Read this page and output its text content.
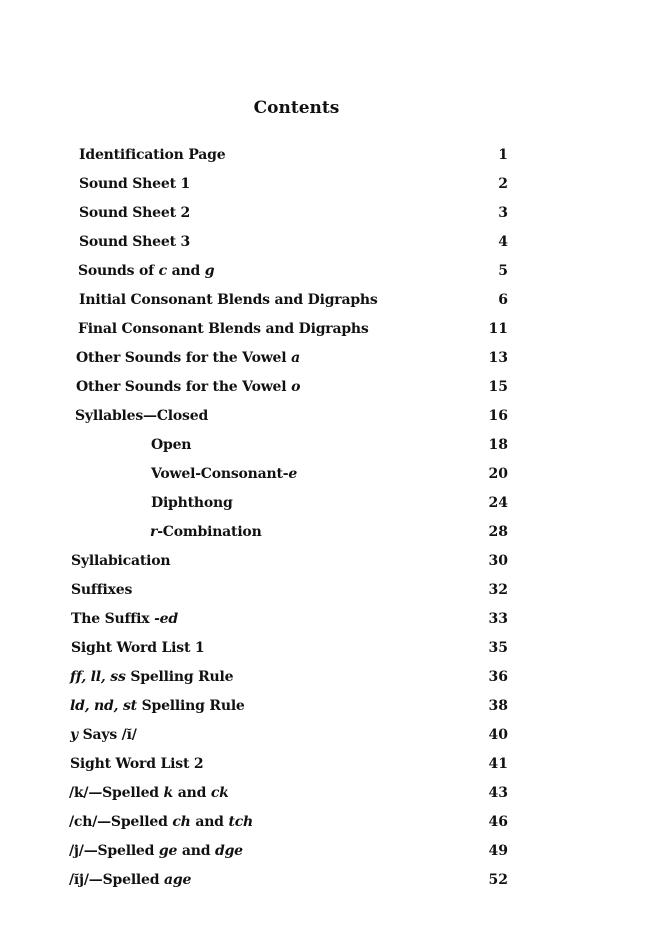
Contents
Identification Page	1
Sound Sheet 1	2
Sound Sheet 2	3
Sound Sheet 3	4
Sounds of c and g	5
Initial Consonant Blends and Digraphs	6
Final Consonant Blends and Digraphs	11
Other Sounds for the Vowel a	13
Other Sounds for the Vowel o	15
Syllables—Closed	16
Open	18
Vowel-Consonant-e	20
Diphthong	24
r-Combination	28
Syllabication	30
Suffixes	32
The Suffix -ed	33
Sight Word List 1	35
ff, ll, ss Spelling Rule	36
ld, nd, st Spelling Rule	38
y Says /ĭ/	40
Sight Word List 2	41
/k/—Spelled k and ck	43
/ch/—Spelled ch and tch	46
/j/—Spelled ge and dge	49
/ĭj/—Spelled age	52
